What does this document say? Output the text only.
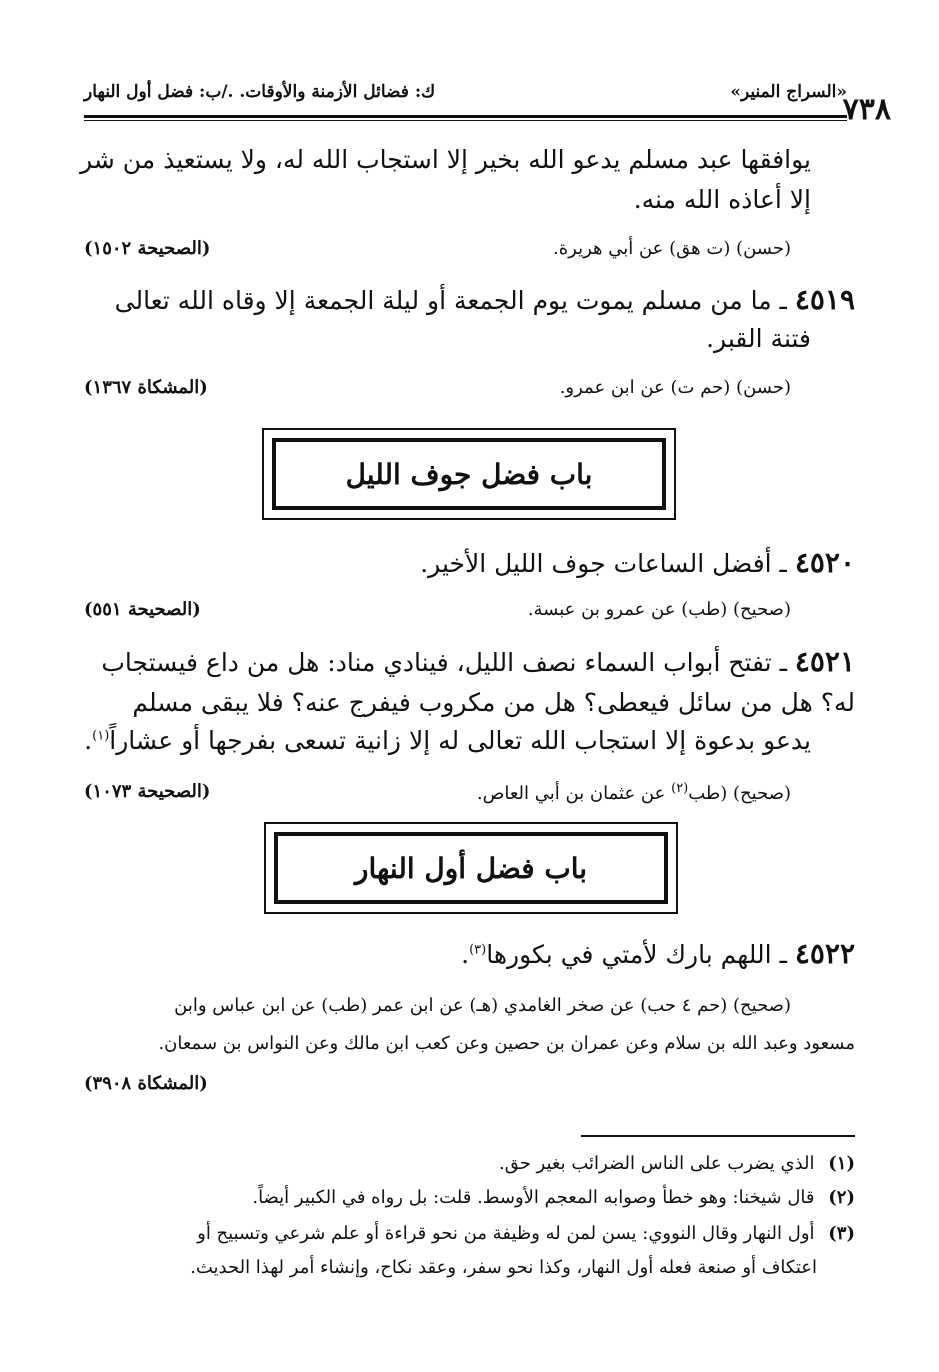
٧٣٨
«السراج المنير»
ك: فضائل الأزمنة والأوقات. ./ب: فضل أول النهار
يوافقها عبد مسلم يدعو الله بخير إلا استجاب الله له، ولا يستعيذ من شر
إلا أعاذه الله منه.
(حسن) (ت هق) عن أبي هريرة.
(الصحيحة ١٥٠٢)
٤٥١٩ ـ ما من مسلم يموت يوم الجمعة أو ليلة الجمعة إلا وقاه الله تعالى
فتنة القبر.
(حسن) (حم ت) عن ابن عمرو.
(المشكاة ١٣٦٧)
باب فضل جوف الليل
٤٥٢٠ ـ أفضل الساعات جوف الليل الأخير.
(صحيح) (طب) عن عمرو بن عبسة.
(الصحيحة ٥٥١)
٤٥٢١ ـ تفتح أبواب السماء نصف الليل، فينادي مناد: هل من داع فيستجاب
له؟ هل من سائل فيعطى؟ هل من مكروب فيفرج عنه؟ فلا يبقى مسلم
يدعو بدعوة إلا استجاب الله تعالى له إلا زانية تسعى بفرجها أو عشاراً$^{(١)}$.
(صحيح) (طب$^{(٢)}$ عن عثمان بن أبي العاص.
(الصحيحة ١٠٧٣)
باب فضل أول النهار
٤٥٢٢ ـ اللهم بارك لأمتي في بكورها$^{(٣)}$.
(صحيح) (حم ٤ حب) عن صخر الغامدي (هـ) عن ابن عمر (طب) عن ابن عباس وابن
مسعود وعبد الله بن سلام وعن عمران بن حصين وعن كعب ابن مالك وعن النواس بن سمعان.
(المشكاة ٣٩٠٨)
(١) الذي يضرب على الناس الضرائب بغير حق.
(٢) قال شيخنا: وهو خطأ وصوابه المعجم الأوسط. قلت: بل رواه في الكبير أيضاً.
(٣) أول النهار وقال النووي: يسن لمن له وظيفة من نحو قراءة أو علم شرعي وتسبيح أو
اعتكاف أو صنعة فعله أول النهار، وكذا نحو سفر، وعقد نكاح، وإنشاء أمر لهذا الحديث.
